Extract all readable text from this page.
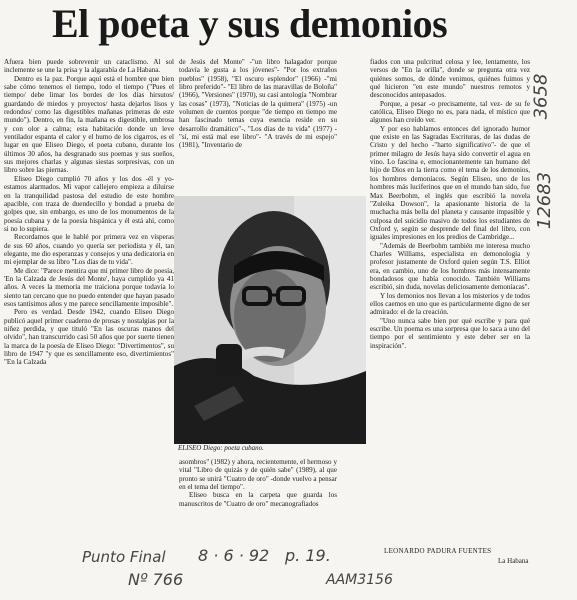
El poeta y sus demonios

Afuera bien puede sobrevenir un cataclismo. Al sol inclemente se une la prisa y la algarabía de La Habana.

Dentro es la paz. Porque aquí está el hombre que bien sabe cómo tenemos el tiempo, todo el tiempo ("Pues el tiempo/ debe limar los bordes de los días hirsutos/ guardando de miedos y proyectos/ hasta dejarlos lisos y redondos/ como las digestibles mañanas primeras de este mundo"). Dentro, en fin, la mañana es digestible, umbrosa y con olor a calma; esta habitación donde un leve ventilador espanta el calor y el humo de los cigarros, es el lugar en que Eliseo Diego, el poeta cubano, durante los últimos 30 años, ha desgranado sus poemas y sus sueños, sus mejores charlas y algunas siestas sorpresivas, con un libro sobre las piernas.

Eliseo Diego cumplió 70 años y los dos -él y yo- estamos alarmados. Mi vapor callejero empieza a diluirse en la tranquilidad pastosa del estudio de este hombre apacible, con traza de duendecillo y bondad a prueba de golpes que, sin embargo, es uno de los monumentos de la poesía cubana y de la poesía hispánica y él está ahí, como si no lo supiera.

Recordamos que le hablé por primera vez en vísperas de sus 60 años, cuando yo quería ser periodista y él, tan elegante, me dio esperanzas y consejos y una dedicatoria en mi ejemplar de su libro "Los días de tu vida".

Me dice: "Parece mentira que mi primer libro de poesía, 'En la Calzada de Jesús del Monte', haya cumplido ya 41 años. A veces la memoria me traiciona porque todavía lo siento tan cercano que no puedo entender que hayan pasado esos tantísimos años y me parece sencillamente imposible".

Pero es verdad. Desde 1942, cuando Eliseo Diego publicó aquel primer cuaderno de prosas y nostalgias por la niñez perdida, y que tituló "En las oscuras manos del olvido", han transcurrido casi 50 años que por suerte tienen la marca de la poesía de Eliseo Diego: "Divertimentos", su libro de 1947 "y que es sencillamente eso, divertimientos" "En la Calzada

de Jesús del Monte" -"un libro halagador porque todavía le gusta a los jóvenes"- "Por los extraños pueblos" (1958), "El oscuro esplendor" (1966) -"mi libro preferido"- "El libro de las maravillas de Boloña" (1966), "Versiones" (1970), su casi antología "Nombrar las cosas" (1973), "Noticias de la quimera" (1975) -un volumen de cuentos porque "de tiempo en tiempo me han fascinado temas cuya esencia reside en su desarrollo dramático"-, "Los días de tu vida" (1977) -"sí, mi está mal ese libro"- "A través de mi espejo" (1981), "Inventario de

ELISEO Diego: poeta cubano.

asombros" (1982) y ahora, recientemente, el hermoso y vital "Libro de quizás y de quién sabe" (1989), al que pronto se unirá "Cuatro de oro" -donde vuelvo a pensar en el tema del tiempo".

Eliseo busca en la carpeta que guarda los manuscritos de "Cuatro de oro" mecanografiados

fiados con una pulcritud celosa y lee, lentamente, los versos de "En la orilla", donde se pregunta otra vez quiénes somos, de dónde venimos, quiénes fuimos y qué hicieron "en este mundo" nuestros remotos y desconocidos antepasados.

Porque, a pesar -o precisamente, tal vez- de su fe católica, Eliseo Diego no es, para nada, el místico que algunos han creído ver.

Y por eso hablamos entonces del ignorado humor que existe en las Sagradas Escrituras, de las dudas de Cristo y del hecho -"harto significativo"- de que el primer milagro de Jesús haya sido convertir el agua en vino. Lo fascina e, emocionantemente tan humano del hijo de Dios en la tierra como el tema de los demonios, los hombres demoníacos. Según Eliseo, uno de los hombres más luciferinos que en el mundo han sido, fue Max Beerbohm, el inglés que escribió la novela "Zuleika Dowson", la apasionante historia de la muchacha más bella del planeta y causante impasible y culposa del suicidio masivo de todos los estudiantes de Oxford y, según se desprende del final del libro, con iguales impresiones en los predios de Cambridge...

"Además de Beerbohm también me interesa mucho Charles Williams, especialista en demonología y profesor justamente de Oxford quien según T.S. Elliot era, en cambio, uno de los hombres más intensamente bondadosos que había conocido. También Williams escribió, sin duda, novelas deliciosamente demoníacas".

Y los demonios nos llevan a los misterios y de todos ellos caemos en uno que es particularmente digno de ser admirado: el de la creación.

"Uno nunca sabe bien por qué escribe y para qué escribe. Un poema es una sorpresa que lo saca a uno del tiempo por el sentimiento y este deber ser en la inspiración".

LEONARDO PADURA FUENTES
La Habana
Punto Final 8 · 6 · 92 p. 19.
Nº 766	AAM3156
3658
12683
